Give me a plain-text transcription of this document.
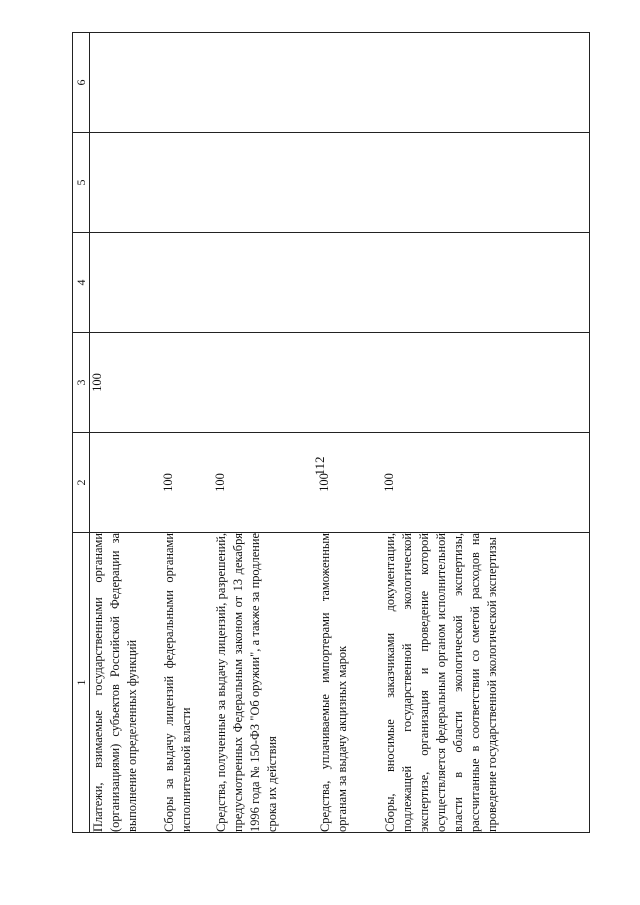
112
1	2	3	4	5	6

Платежи, взимаемые государственными органами (организациями) субъектов Российской Федерации за выполнение определенных функций		100			

Сборы за выдачу лицензий федеральными органами исполнительной власти	100				

Средства, полученные за выдачу лицензий, разрешений, предусмотренных Федеральным законом от 13 декабря 1996 года № 150-ФЗ "Об оружии", а также за продление срока их действия	100				

Средства, уплачиваемые импортерами таможенным органам за выдачу акцизных марок	100				

Сборы, вносимые заказчиками документации, подлежащей государственной экологической экспертизе, организация и проведение которой осуществляется федеральным органом исполнительной власти в области экологической экспертизы, рассчитанные в соответствии со сметой расходов на проведение государственной экологической экспертизы	100				
